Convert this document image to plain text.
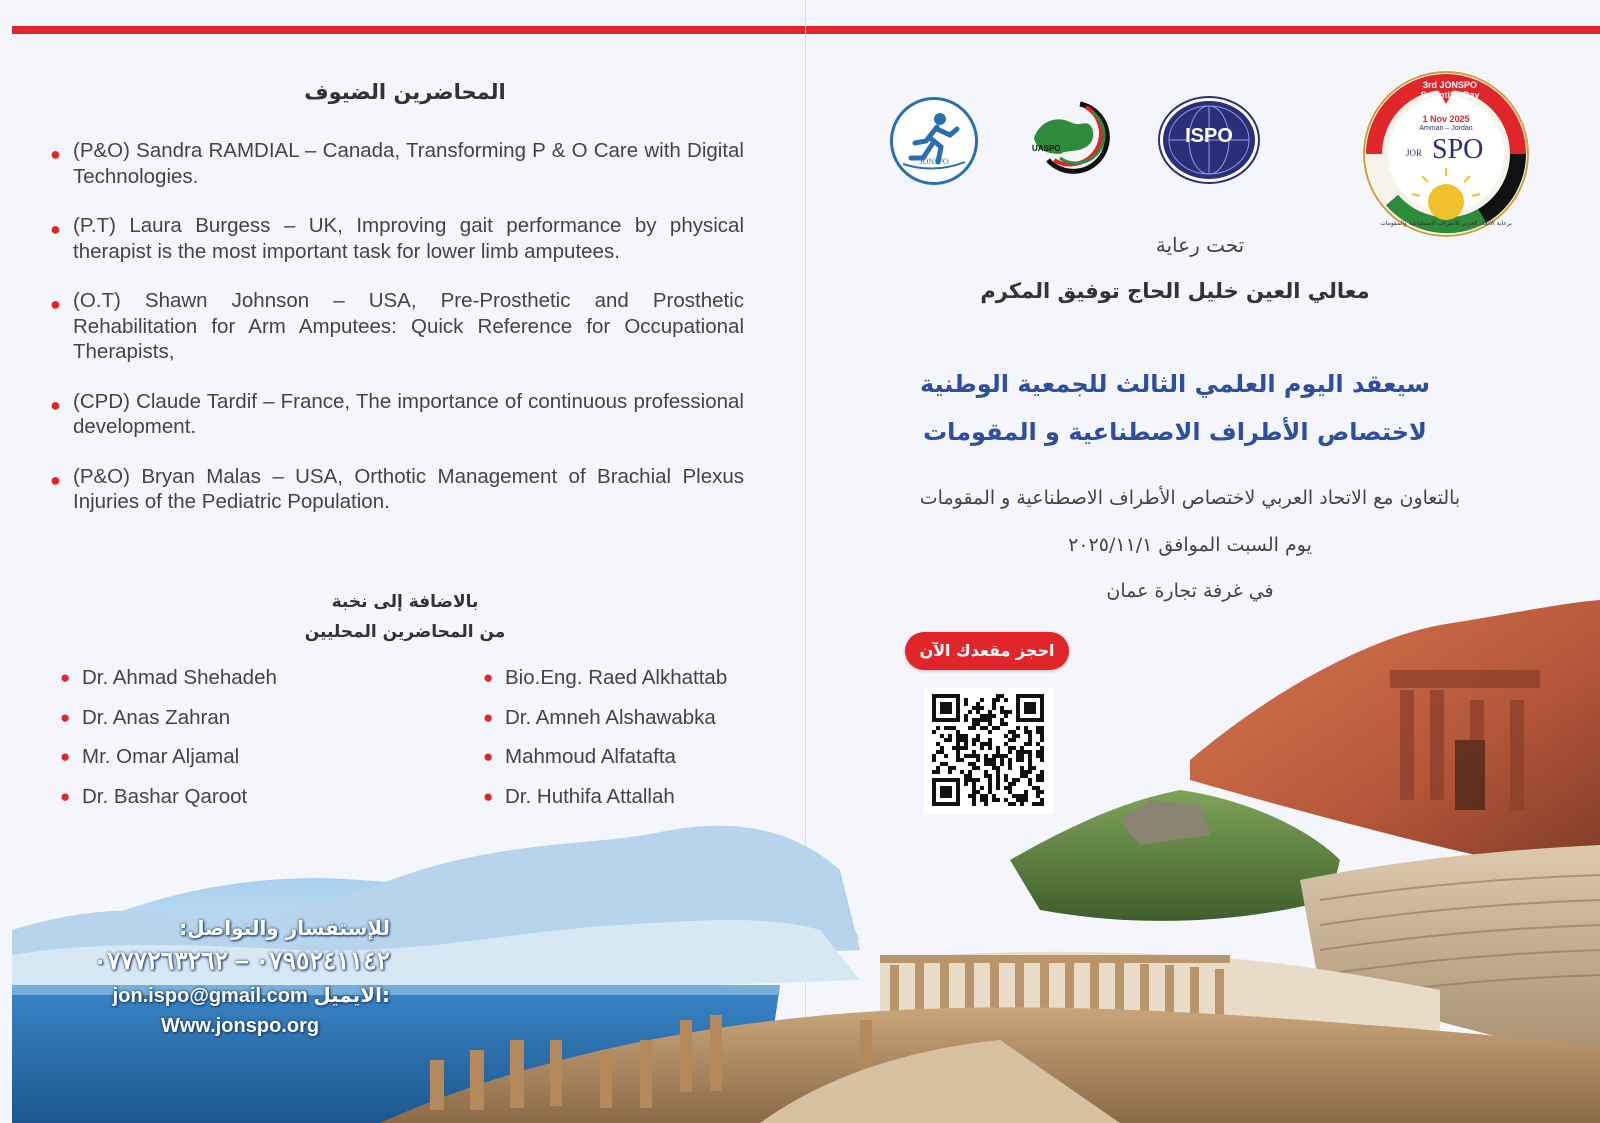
المحاضرين الضيوف
● (P&O) Sandra RAMDIAL – Canada, Transforming P & O Care with Digital Technologies.
● (P.T) Laura Burgess – UK, Improving gait performance by physical therapist is the most important task for lower limb amputees.
● (O.T) Shawn Johnson – USA, Pre-Prosthetic and Prosthetic Rehabilitation for Arm Amputees: Quick Reference for Occupational Therapists,
● (CPD) Claude Tardif – France, The importance of continuous professional development.
● (P&O) Bryan Malas – USA, Orthotic Management of Brachial Plexus Injuries of the Pediatric Population.
بالاضافة إلى نخبة
من المحاضرين المحليين
● Dr. Ahmad Shehadeh
● Dr. Anas Zahran
● Mr. Omar Aljamal
● Dr. Bashar Qaroot
● Bio.Eng. Raed Alkhattab
● Dr. Amneh Alshawabka
● Mahmoud Alfatafta
● Dr. Huthifa Attallah
للإستفسار والتواصل:
٠٧٩٥٢٤١١٤٢ – ٠٧٧٧٢٦٣٢٦٢
jon.ispo@gmail.com الايميل:
Www.jonspo.org
JONSPO
UASPO
ISPO
3rd JONSPO Scientific Day
1 Nov 2025
Amman – Jordan
SPO
JOR
برعاية الاتحاد العربي للأطراف الاصطناعية والمقومات
تحت رعاية
معالي العين خليل الحاج توفيق المكرم
سيعقد اليوم العلمي الثالث للجمعية الوطنية
لاختصاص الأطراف الاصطناعية و المقومات
بالتعاون مع الاتحاد العربي لاختصاص الأطراف الاصطناعية و المقومات
يوم السبت الموافق ٢٠٢٥/١١/١
في غرفة تجارة عمان
احجز مقعدك الآن
